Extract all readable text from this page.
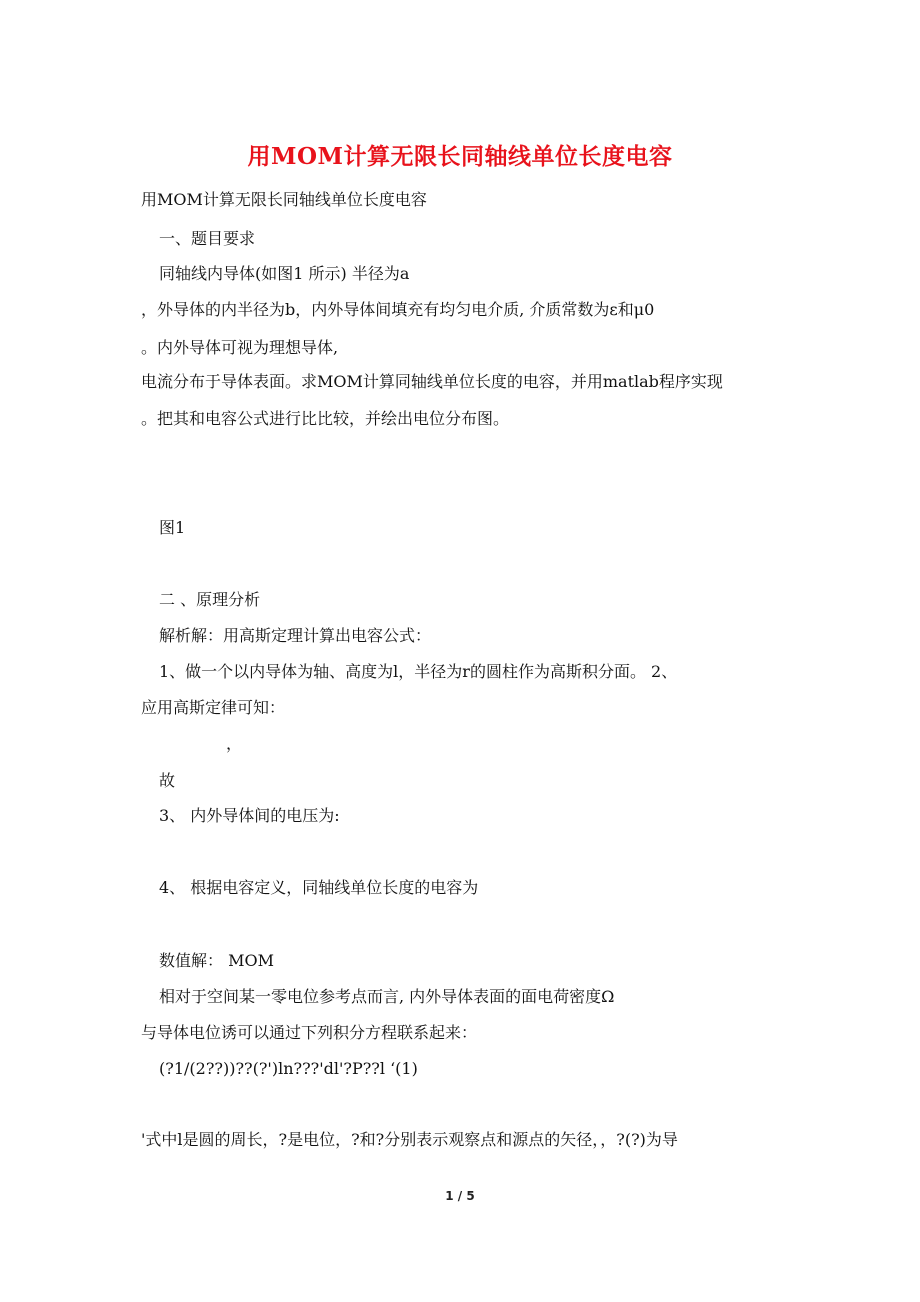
用MOM计算无限长同轴线单位长度电容
用MOM计算无限长同轴线单位长度电容
一、题目要求
同轴线内导体(如图1 所示) 半径为a
，外导体的内半径为b，内外导体间填充有均匀电介质, 介质常数为ε和μ0
。内外导体可视为理想导体,
电流分布于导体表面。求MOM计算同轴线单位长度的电容，并用matlab程序实现
。把其和电容公式进行比比较，并绘出电位分布图。
图1
二 、原理分析
解析解：用高斯定理计算出电容公式：
1、做一个以内导体为轴、高度为l，半径为r的圆柱作为高斯积分面。 2、
应用高斯定律可知：
，
故
3、 内外导体间的电压为:
4、 根据电容定义，同轴线单位长度的电容为
数值解： MOM
相对于空间某一零电位参考点而言, 内外导体表面的面电荷密度Ω
与导体电位诱可以通过下列积分方程联系起来：
(?1/(2??))??(?')ln???'dl'?P??l ‘(1)
'式中l是圆的周长，?是电位，?和?分别表示观察点和源点的矢径，，?(?)为导
1 / 5
